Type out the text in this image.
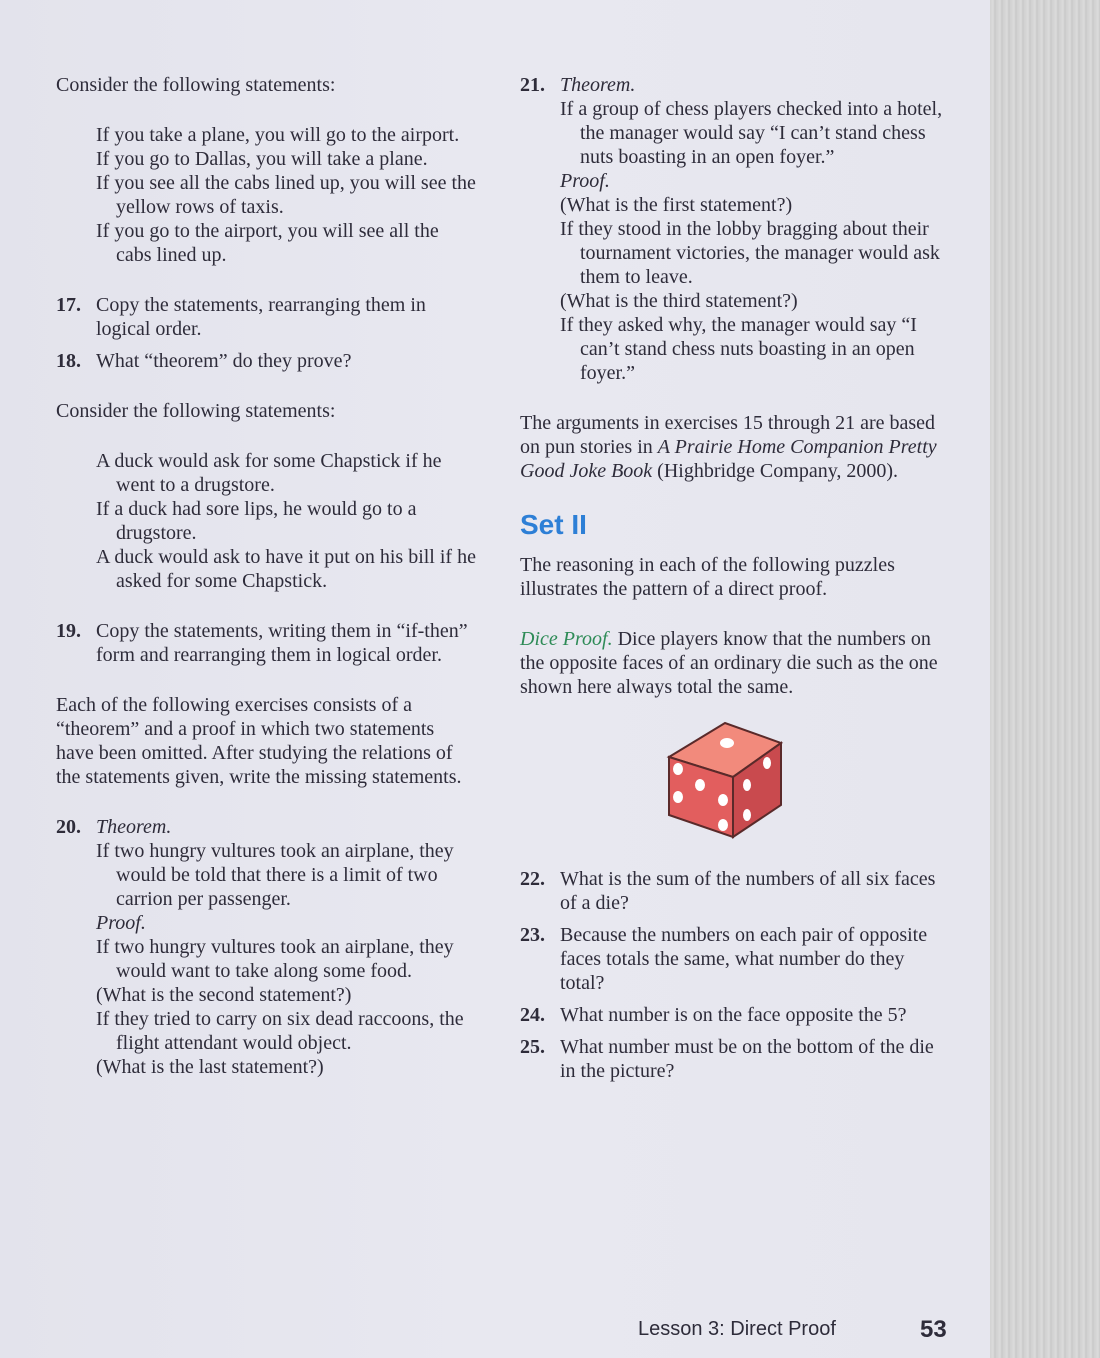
Consider the following statements:

If you take a plane, you will go to the airport.

If you go to Dallas, you will take a plane.

If you see all the cabs lined up, you will see the yellow rows of taxis.

If you go to the airport, you will see all the cabs lined up.

17. Copy the statements, rearranging them in logical order.

18. What “theorem” do they prove?

Consider the following statements:

A duck would ask for some Chapstick if he went to a drugstore.

If a duck had sore lips, he would go to a drugstore.

A duck would ask to have it put on his bill if he asked for some Chapstick.

19. Copy the statements, writing them in “if-then” form and rearranging them in logical order.

Each of the following exercises consists of a “theorem” and a proof in which two statements have been omitted. After studying the relations of the statements given, write the missing statements.

20. Theorem.

If two hungry vultures took an airplane, they would be told that there is a limit of two carrion per passenger.

Proof.

If two hungry vultures took an airplane, they would want to take along some food.

(What is the second statement?)

If they tried to carry on six dead raccoons, the flight attendant would object.

(What is the last statement?)

21. Theorem.

If a group of chess players checked into a hotel, the manager would say “I can’t stand chess nuts boasting in an open foyer.”

Proof.

(What is the first statement?)

If they stood in the lobby bragging about their tournament victories, the manager would ask them to leave.

(What is the third statement?)

If they asked why, the manager would say “I can’t stand chess nuts boasting in an open foyer.”

The arguments in exercises 15 through 21 are based on pun stories in A Prairie Home Companion Pretty Good Joke Book (Highbridge Company, 2000).

Set II

The reasoning in each of the following puzzles illustrates the pattern of a direct proof.

Dice Proof. Dice players know that the numbers on the opposite faces of an ordinary die such as the one shown here always total the same.

22. What is the sum of the numbers of all six faces of a die?

23. Because the numbers on each pair of opposite faces totals the same, what number do they total?

24. What number is on the face opposite the 5?

25. What number must be on the bottom of the die in the picture?

Lesson 3: Direct Proof	53
